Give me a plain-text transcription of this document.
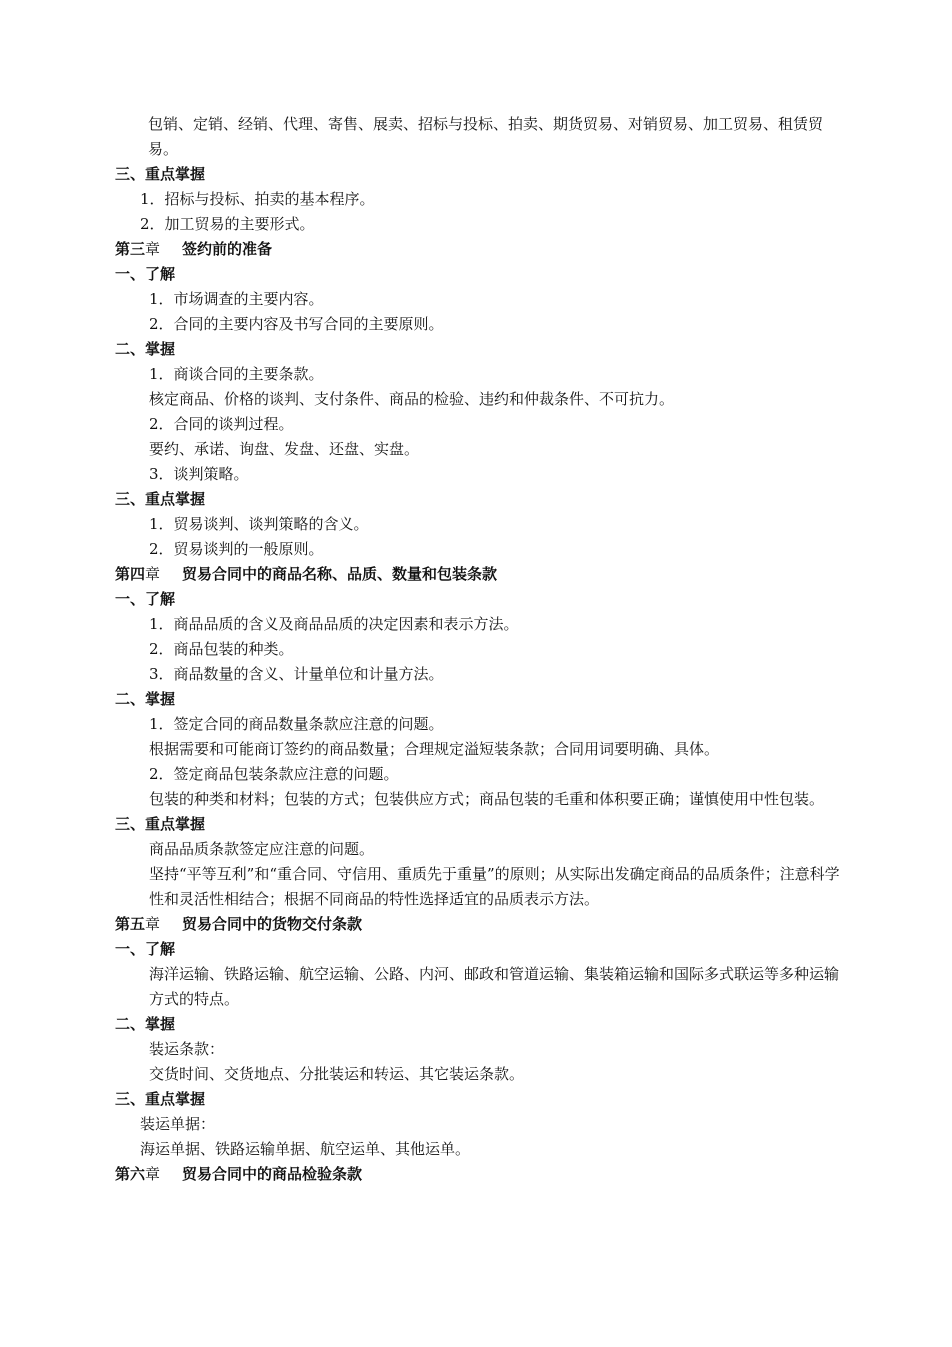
包销、定销、经销、代理、寄售、展卖、招标与投标、拍卖、期货贸易、对销贸易、加工贸易、租赁贸易。
三、重点掌握
1．招标与投标、拍卖的基本程序。
2．加工贸易的主要形式。
第三章 签约前的准备
一、了解
1．市场调查的主要内容。
2．合同的主要内容及书写合同的主要原则。
二、掌握
1．商谈合同的主要条款。
核定商品、价格的谈判、支付条件、商品的检验、违约和仲裁条件、不可抗力。
2．合同的谈判过程。
要约、承诺、询盘、发盘、还盘、实盘。
3．谈判策略。
三、重点掌握
1．贸易谈判、谈判策略的含义。
2．贸易谈判的一般原则。
第四章 贸易合同中的商品名称、品质、数量和包装条款
一、了解
1．商品品质的含义及商品品质的决定因素和表示方法。
2．商品包装的种类。
3．商品数量的含义、计量单位和计量方法。
二、掌握
1．签定合同的商品数量条款应注意的问题。
根据需要和可能商订签约的商品数量；合理规定溢短装条款；合同用词要明确、具体。
2．签定商品包装条款应注意的问题。
包装的种类和材料；包装的方式；包装供应方式；商品包装的毛重和体积要正确；谨慎使用中性包装。
三、重点掌握
商品品质条款签定应注意的问题。
坚持“平等互利”和“重合同、守信用、重质先于重量”的原则；从实际出发确定商品的品质条件；注意科学性和灵活性相结合；根据不同商品的特性选择适宜的品质表示方法。
第五章 贸易合同中的货物交付条款
一、了解
海洋运输、铁路运输、航空运输、公路、内河、邮政和管道运输、集装箱运输和国际多式联运等多种运输方式的特点。
二、掌握
装运条款：
交货时间、交货地点、分批装运和转运、其它装运条款。
三、重点掌握
装运单据：
海运单据、铁路运输单据、航空运单、其他运单。
第六章 贸易合同中的商品检验条款
